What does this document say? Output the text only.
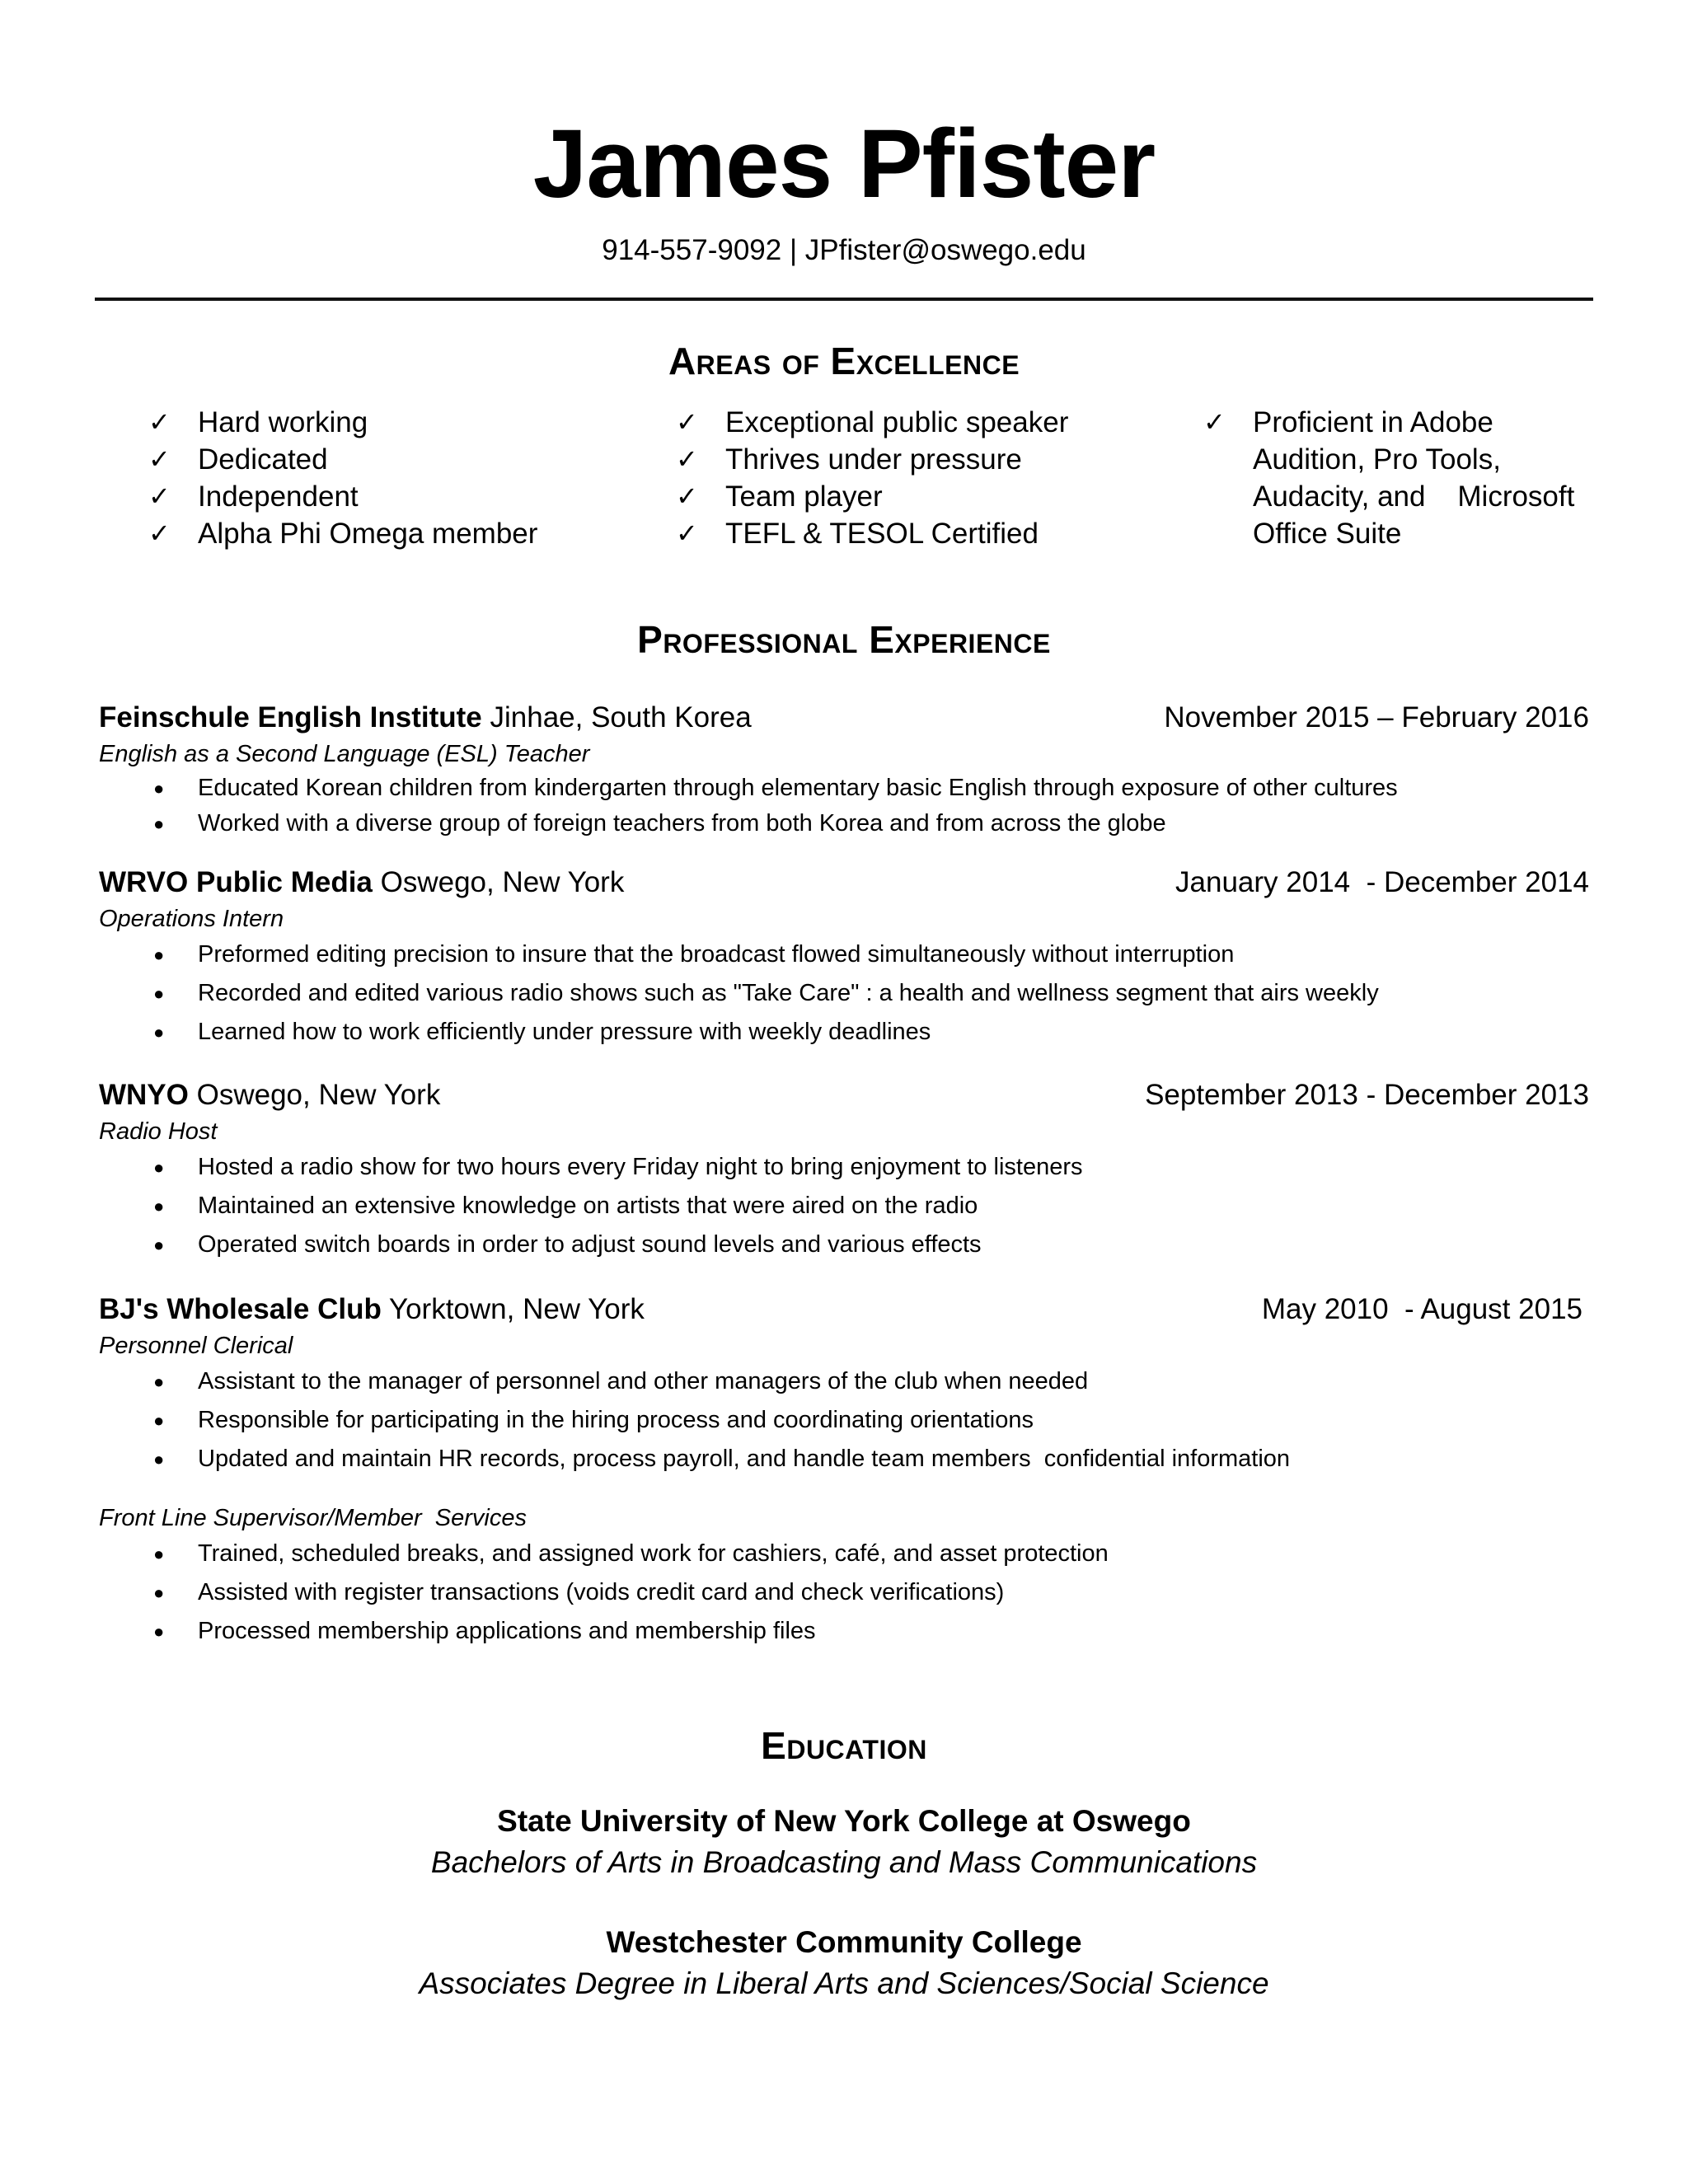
James Pfister
914-557-9092 | JPfister@oswego.edu
Areas of Excellence
✓ Hard working
✓ Dedicated
✓ Independent
✓ Alpha Phi Omega member
✓ Exceptional public speaker
✓ Thrives under pressure
✓ Team player
✓ TEFL & TESOL Certified
✓ Proficient in Adobe
Audition, Pro Tools,
Audacity, and    Microsoft
Office Suite
Professional Experience
Feinschule English Institute Jinhae, South Korea	November 2015 – February 2016
English as a Second Language (ESL) Teacher
● Educated Korean children from kindergarten through elementary basic English through exposure of other cultures
● Worked with a diverse group of foreign teachers from both Korea and from across the globe
WRVO Public Media Oswego, New York	January 2014  - December 2014
Operations Intern
● Preformed editing precision to insure that the broadcast flowed simultaneously without interruption
● Recorded and edited various radio shows such as "Take Care" : a health and wellness segment that airs weekly
● Learned how to work efficiently under pressure with weekly deadlines
WNYO Oswego, New York	September 2013 - December 2013
Radio Host
● Hosted a radio show for two hours every Friday night to bring enjoyment to listeners
● Maintained an extensive knowledge on artists that were aired on the radio
● Operated switch boards in order to adjust sound levels and various effects
BJ's Wholesale Club Yorktown, New York	May 2010  - August 2015
Personnel Clerical
● Assistant to the manager of personnel and other managers of the club when needed
● Responsible for participating in the hiring process and coordinating orientations
● Updated and maintain HR records, process payroll, and handle team members  confidential information
Front Line Supervisor/Member  Services
● Trained, scheduled breaks, and assigned work for cashiers, café, and asset protection
● Assisted with register transactions (voids credit card and check verifications)
● Processed membership applications and membership files
Education
State University of New York College at Oswego
Bachelors of Arts in Broadcasting and Mass Communications
Westchester Community College
Associates Degree in Liberal Arts and Sciences/Social Science
